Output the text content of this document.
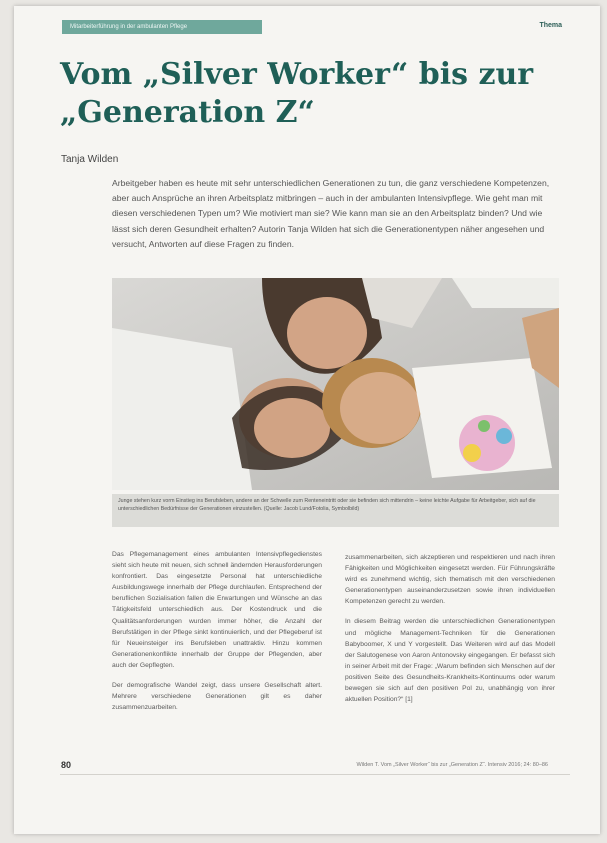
Mitarbeiterführung in der ambulanten Pflege	Thema
Vom „Silver Worker“ bis zur
„Generation Z“
Tanja Wilden

Arbeitgeber haben es heute mit sehr unterschiedlichen Generationen zu tun, die ganz verschiedene Kompetenzen, aber auch Ansprüche an ihren Arbeitsplatz mitbringen – auch in der ambulanten Intensivpflege. Wie geht man mit diesen verschiedenen Typen um? Wie motiviert man sie? Wie kann man sie an den Arbeitsplatz binden? Und wie lässt sich deren Gesundheit erhalten? Autorin Tanja Wilden hat sich die Generationentypen näher angesehen und versucht, Antworten auf diese Fragen zu finden.

Junge stehen kurz vorm Einstieg ins Berufsleben, andere an der Schwelle zum Renteneintritt oder sie befinden sich mittendrin – keine leichte Aufgabe für Arbeitgeber, sich auf die unterschiedlichen Bedürfnisse der Generationen einzustellen. (Quelle: Jacob Lund/Fotolia, Symbolbild)

Das Pflegemanagement eines ambulanten Intensivpflegedienstes sieht sich heute mit neuen, sich schnell ändernden Herausforderungen konfrontiert. Das eingesetzte Personal hat unterschiedliche Ausbildungswege innerhalb der Pflege durchlaufen. Entsprechend der beruflichen Sozialisation fallen die Erwartungen und Wünsche an das Tätigkeitsfeld unterschiedlich aus. Der Kostendruck und die Qualitätsanforderungen wurden immer höher, die Anzahl der Berufstätigen in der Pflege sinkt kontinuierlich, und der Pflegeberuf ist für Neueinsteiger ins Berufsleben unattraktiv. Hinzu kommen Generationenkonflikte innerhalb der Gruppe der Pflegenden, aber auch der Gepflegten.

Der demografische Wandel zeigt, dass unsere Gesellschaft altert. Mehrere verschiedene Generationen gilt es daher zusammenzuarbeiten.

zusammenarbeiten, sich akzeptieren und respektieren und nach ihren Fähigkeiten und Möglichkeiten eingesetzt werden. Für Führungskräfte wird es zunehmend wichtig, sich thematisch mit den verschiedenen Generationentypen auseinanderzusetzen sowie ihren individuellen Kompetenzen gerecht zu werden.

In diesem Beitrag werden die unterschiedlichen Generationentypen und mögliche Management-Techniken für die Generationen Babyboomer, X und Y vorgestellt. Das Weiteren wird auf das Modell der Salutogenese von Aaron Antonovsky eingegangen. Er befasst sich in seiner Arbeit mit der Frage: „Warum befinden sich Menschen auf der positiven Seite des Gesundheits-Krankheits-Kontinuums oder warum bewegen sie sich auf den positiven Pol zu, unabhängig von ihrer aktuellen Position?“ [1]

80	Wilden T. Vom „Silver Worker“ bis zur „Generation Z“. Intensiv 2016; 24: 80–86
